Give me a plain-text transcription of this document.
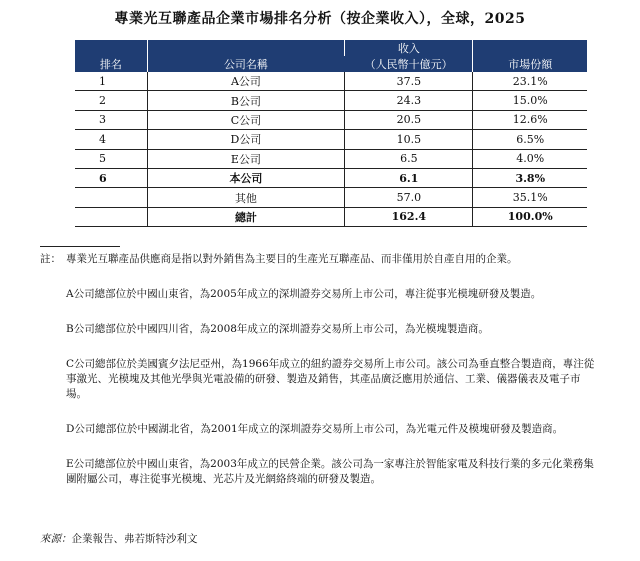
專業光互聯產品企業市場排名分析（按企業收入），全球，2025
排名	公司名稱	收入	市場份額
		（人民幣十億元）	
1	A公司	37.5	23.1%
2	B公司	24.3	15.0%
3	C公司	20.5	12.6%
4	D公司	10.5	6.5%
5	E公司	6.5	4.0%
6	本公司	6.1	3.8%
	其他	57.0	35.1%
	總計	162.4	100.0%
註： 專業光互聯產品供應商是指以對外銷售為主要目的生產光互聯產品、而非僅用於自產自用的企業。

A公司總部位於中國山東省，為2005年成立的深圳證券交易所上市公司，專注從事光模塊研發及製造。

B公司總部位於中國四川省，為2008年成立的深圳證券交易所上市公司，為光模塊製造商。

C公司總部位於美國賓夕法尼亞州，為1966年成立的紐約證券交易所上市公司。該公司為垂直整合製造商，專注從事激光、光模塊及其他光學與光電設備的研發、製造及銷售，其產品廣泛應用於通信、工業、儀器儀表及電子市場。

D公司總部位於中國湖北省，為2001年成立的深圳證券交易所上市公司，為光電元件及模塊研發及製造商。

E公司總部位於中國山東省，為2003年成立的民營企業。該公司為一家專注於智能家電及科技行業的多元化業務集團附屬公司，專注從事光模塊、光芯片及光網絡終端的研發及製造。

來源：企業報告、弗若斯特沙利文
